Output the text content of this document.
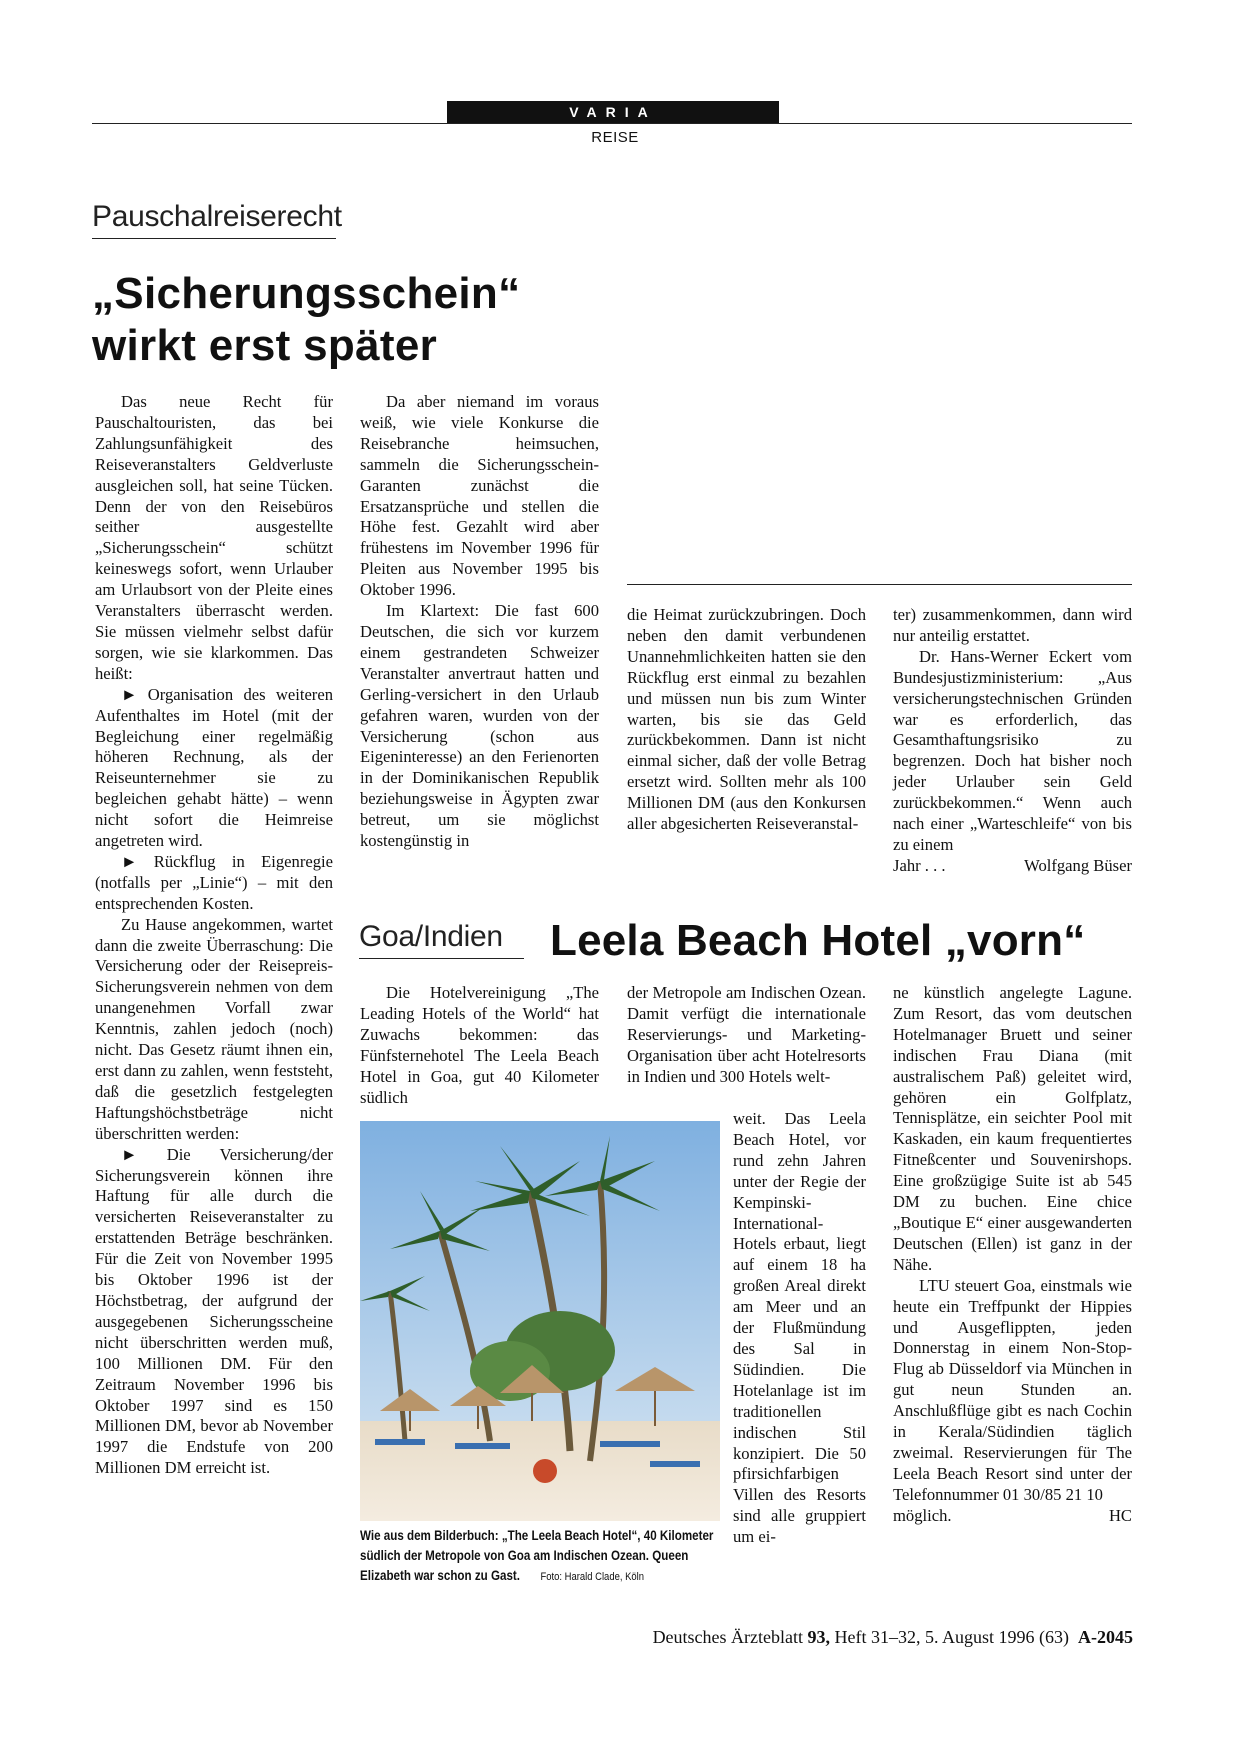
VARIA
REISE
Pauschalreiserecht
„Sicherungsschein“
wirkt erst später

Das neue Recht für Pauschaltouristen, das bei Zahlungsunfähigkeit des Reiseveranstalters Geldverluste ausgleichen soll, hat seine Tücken. Denn der von den Reisebüros seither ausgestellte „Sicherungsschein“ schützt keineswegs sofort, wenn Urlauber am Urlaubsort von der Pleite eines Veranstalters überrascht werden. Sie müssen vielmehr selbst dafür sorgen, wie sie klarkommen. Das heißt:

► Organisation des weiteren Aufenthaltes im Hotel (mit der Begleichung einer regelmäßig höheren Rechnung, als der Reiseunternehmer sie zu begleichen gehabt hätte) – wenn nicht sofort die Heimreise angetreten wird.

► Rückflug in Eigenregie (notfalls per „Linie“) – mit den entsprechenden Kosten.

Zu Hause angekommen, wartet dann die zweite Überraschung: Die Versicherung oder der Reisepreis-Sicherungsverein nehmen von dem unangenehmen Vorfall zwar Kenntnis, zahlen jedoch (noch) nicht. Das Gesetz räumt ihnen ein, erst dann zu zahlen, wenn feststeht, daß die gesetzlich festgelegten Haftungshöchstbeträge nicht überschritten werden:

► Die Versicherung/der Sicherungsverein können ihre Haftung für alle durch die versicherten Reiseveranstalter zu erstattenden Beträge beschränken. Für die Zeit von November 1995 bis Oktober 1996 ist der Höchstbetrag, der aufgrund der ausgegebenen Sicherungsscheine nicht überschritten werden muß, 100 Millionen DM. Für den Zeitraum November 1996 bis Oktober 1997 sind es 150 Millionen DM, bevor ab November 1997 die Endstufe von 200 Millionen DM erreicht ist.

Da aber niemand im voraus weiß, wie viele Konkurse die Reisebranche heimsuchen, sammeln die Sicherungsschein-Garanten zunächst die Ersatzansprüche und stellen die Höhe fest. Gezahlt wird aber frühestens im November 1996 für Pleiten aus November 1995 bis Oktober 1996.

Im Klartext: Die fast 600 Deutschen, die sich vor kurzem einem gestrandeten Schweizer Veranstalter anvertraut hatten und Gerling-versichert in den Urlaub gefahren waren, wurden von der Versicherung (schon aus Eigeninteresse) an den Ferienorten in der Dominikanischen Republik beziehungsweise in Ägypten zwar betreut, um sie möglichst kostengünstig in

die Heimat zurückzubringen. Doch neben den damit verbundenen Unannehmlichkeiten hatten sie den Rückflug erst einmal zu bezahlen und müssen nun bis zum Winter warten, bis sie das Geld zurückbekommen. Dann ist nicht einmal sicher, daß der volle Betrag ersetzt wird. Sollten mehr als 100 Millionen DM (aus den Konkursen aller abgesicherten Reiseveranstal-

ter) zusammenkommen, dann wird nur anteilig erstattet.

Dr. Hans-Werner Eckert vom Bundesjustizministerium: „Aus versicherungstechnischen Gründen war es erforderlich, das Gesamthaftungsrisiko zu begrenzen. Doch hat bisher noch jeder Urlauber sein Geld zurückbekommen.“ Wenn auch nach einer „Warteschleife“ von bis zu einem

Jahr . . .	Wolfgang Büser
Goa/Indien Leela Beach Hotel „vorn“

Die Hotelvereinigung „The Leading Hotels of the World“ hat Zuwachs bekommen: das Fünfsternehotel The Leela Beach Hotel in Goa, gut 40 Kilometer südlich

der Metropole am Indischen Ozean. Damit verfügt die internationale Reservierungs- und Marketing-Organisation über acht Hotelresorts in Indien und 300 Hotels welt-

weit. Das Leela Beach Hotel, vor rund zehn Jahren unter der Regie der Kempinski-International-Hotels erbaut, liegt auf einem 18 ha großen Areal direkt am Meer und an der Flußmündung des Sal in Südindien. Die Hotelanlage ist im traditionellen indischen Stil konzipiert. Die 50 pfirsichfarbigen Villen des Resorts sind alle gruppiert um ei-

ne künstlich angelegte Lagune. Zum Resort, das vom deutschen Hotelmanager Bruett und seiner indischen Frau Diana (mit australischem Paß) geleitet wird, gehören ein Golfplatz, Tennisplätze, ein seichter Pool mit Kaskaden, ein kaum frequentiertes Fitneßcenter und Souvenirshops. Eine großzügige Suite ist ab 545 DM zu buchen. Eine chice „Boutique E“ einer ausgewanderten Deutschen (Ellen) ist ganz in der Nähe.

LTU steuert Goa, einstmals wie heute ein Treffpunkt der Hippies und Ausgeflippten, jeden Donnerstag in einem Non-Stop-Flug ab Düsseldorf via München in gut neun Stunden an. Anschlußflüge gibt es nach Cochin in Kerala/Südindien täglich zweimal. Reservierungen für The Leela Beach Resort sind unter der Telefonnummer 01 30/85 21 10

möglich.	HC
Wie aus dem Bilderbuch: „The Leela Beach Hotel“, 40 Kilometer südlich der Metropole von Goa am Indischen Ozean. Queen Elizabeth war schon zu Gast. Foto: Harald Clade, Köln
Deutsches Ärzteblatt 93, Heft 31–32, 5. August 1996 (63) A-2045
